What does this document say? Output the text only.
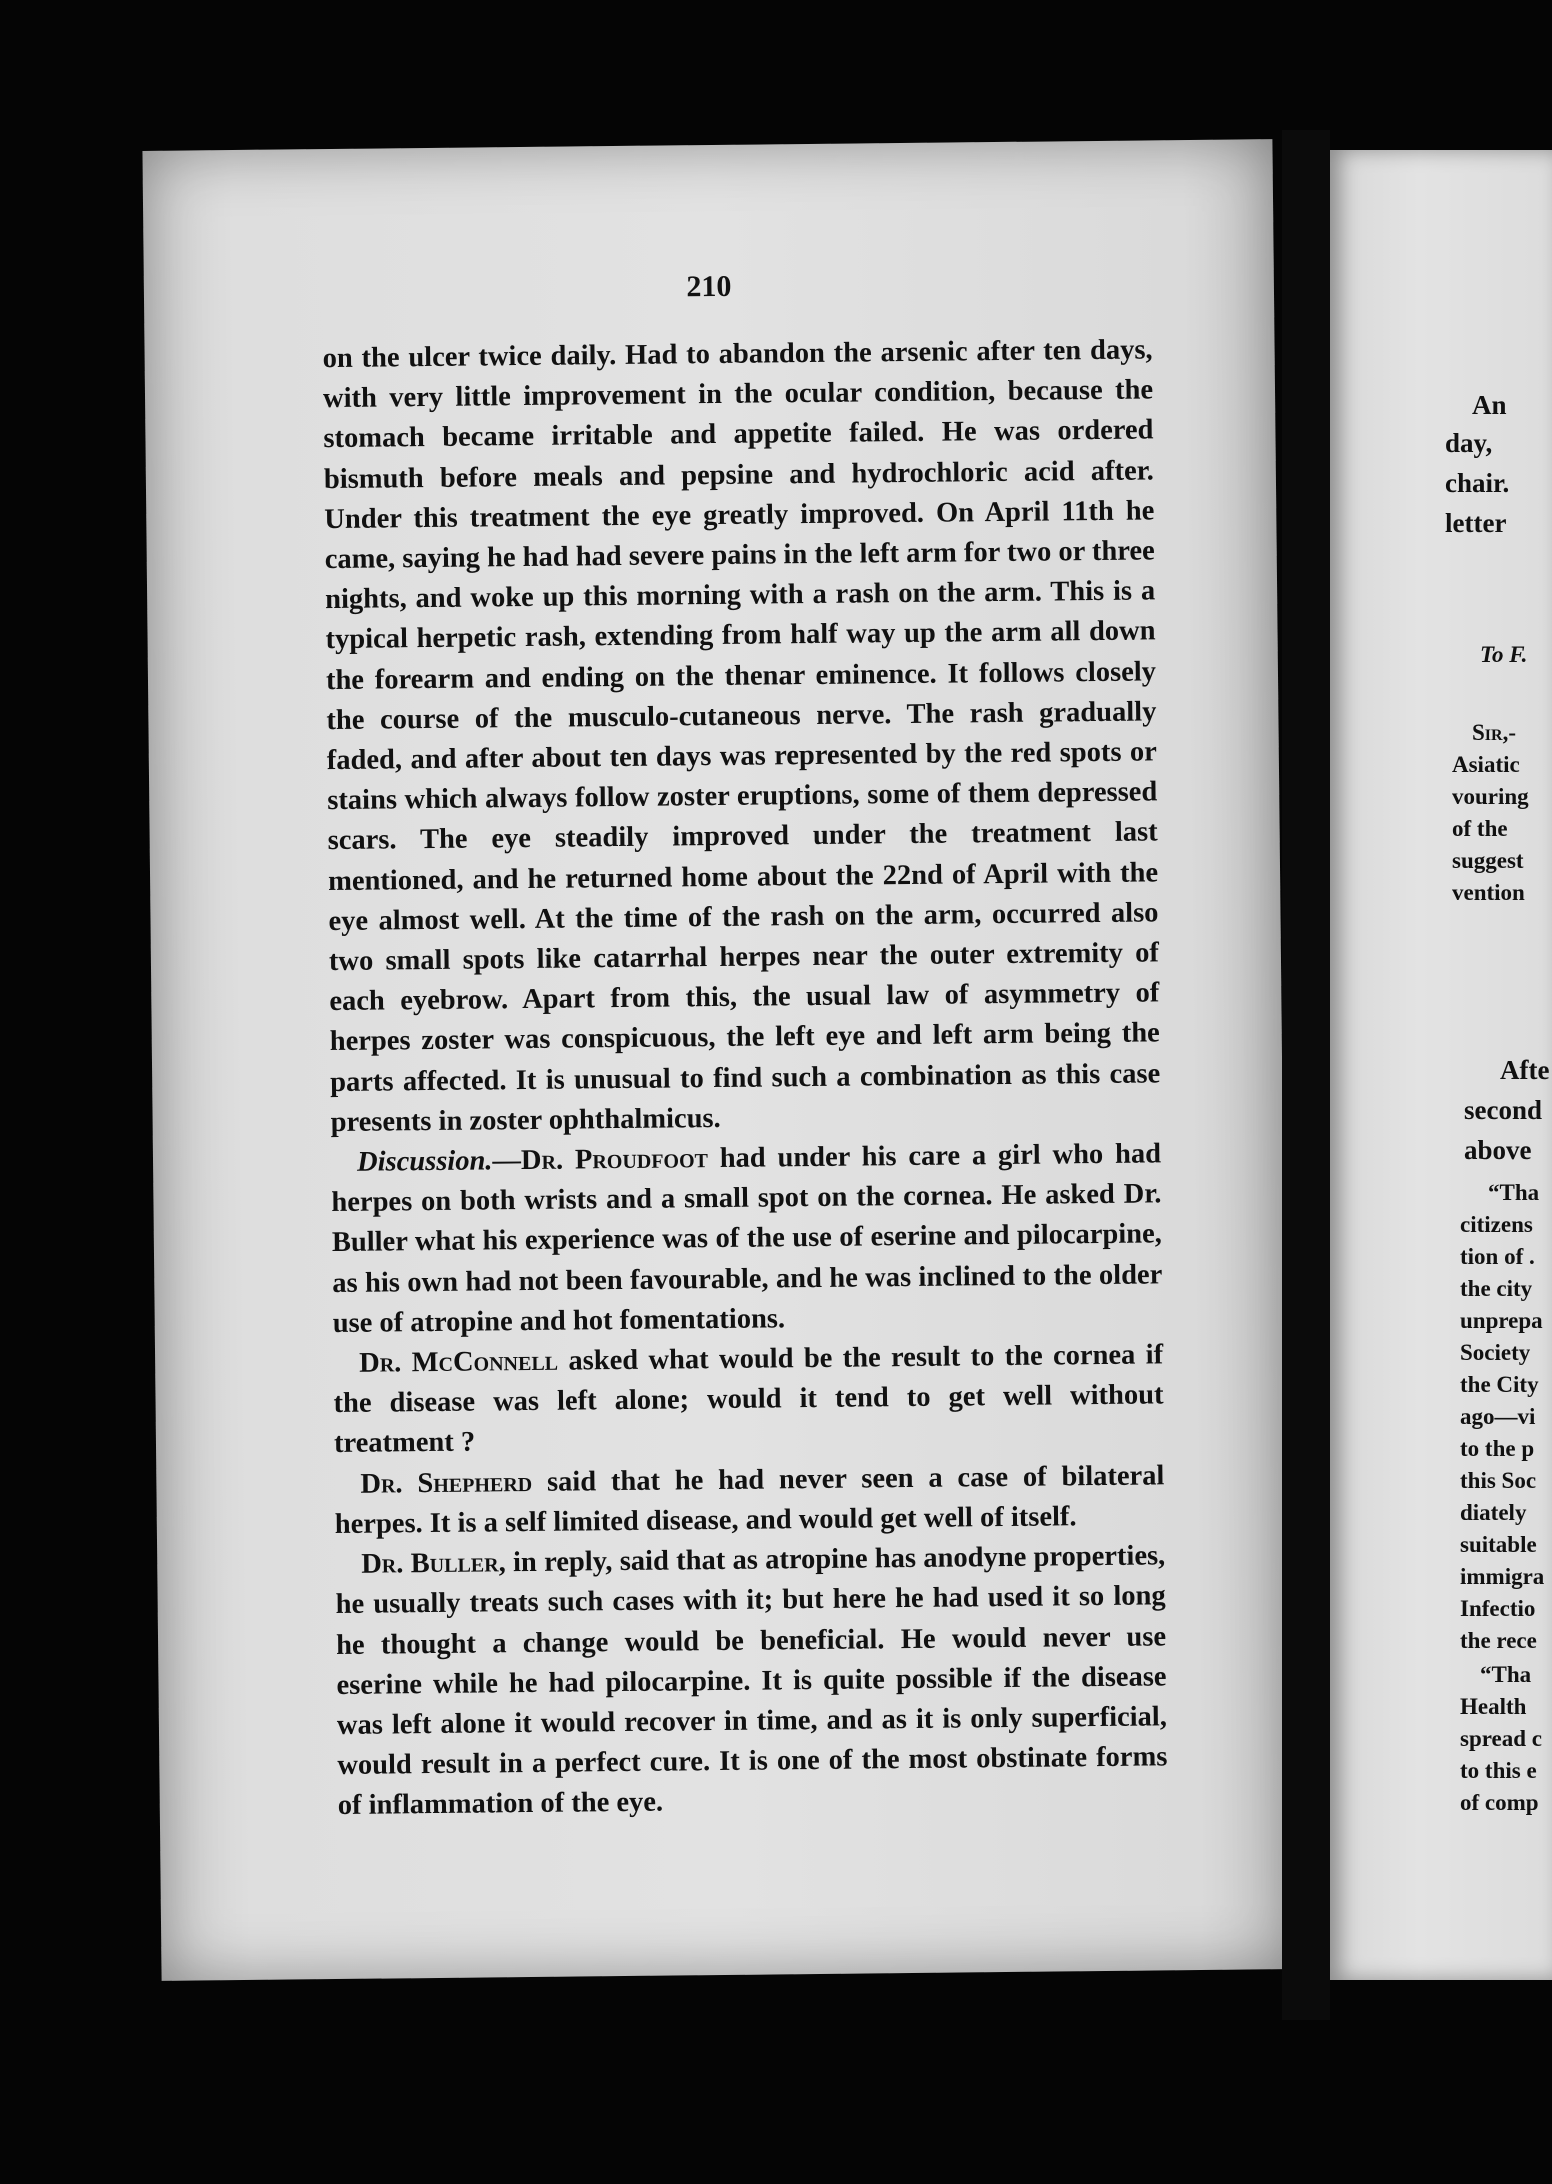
210

on the ulcer twice daily. Had to abandon the arsenic after ten days, with very little improvement in the ocular condition, because the stomach became irritable and appetite failed. He was ordered bismuth before meals and pepsine and hydrochloric acid after. Under this treatment the eye greatly improved. On April 11th he came, saying he had had severe pains in the left arm for two or three nights, and woke up this morning with a rash on the arm. This is a typical herpetic rash, extending from half way up the arm all down the forearm and ending on the thenar eminence. It follows closely the course of the musculo-cutaneous nerve. The rash gradually faded, and after about ten days was represented by the red spots or stains which always follow zoster eruptions, some of them depressed scars. The eye steadily improved under the treatment last mentioned, and he returned home about the 22nd of April with the eye almost well. At the time of the rash on the arm, occurred also two small spots like catarrhal herpes near the outer extremity of each eyebrow. Apart from this, the usual law of asymmetry of herpes zoster was conspicuous, the left eye and left arm being the parts affected. It is unusual to find such a combination as this case presents in zoster ophthalmicus.

Discussion.—Dr. Proudfoot had under his care a girl who had herpes on both wrists and a small spot on the cornea. He asked Dr. Buller what his experience was of the use of eserine and pilocarpine, as his own had not been favourable, and he was inclined to the older use of atropine and hot fomentations.

Dr. McConnell asked what would be the result to the cornea if the disease was left alone; would it tend to get well without treatment ?

Dr. Shepherd said that he had never seen a case of bilateral herpes. It is a self limited disease, and would get well of itself.

Dr. Buller, in reply, said that as atropine has anodyne properties, he usually treats such cases with it; but here he had used it so long he thought a change would be beneficial. He would never use eserine while he had pilocarpine. It is quite possible if the disease was left alone it would recover in time, and as it is only superficial, would result in a perfect cure. It is one of the most obstinate forms of inflammation of the eye.

An
day,
chair.
letter
To F.
Sir,-
Asiatic
vouring
of the
suggest
vention
Afte
second
above
“Tha
citizens
tion of .
the city
unprepa
Society
the City
ago—vi
to the p
this Soc
diately
suitable
immigra
Infectio
the rece
“Tha
Health
spread c
to this e
of comp
